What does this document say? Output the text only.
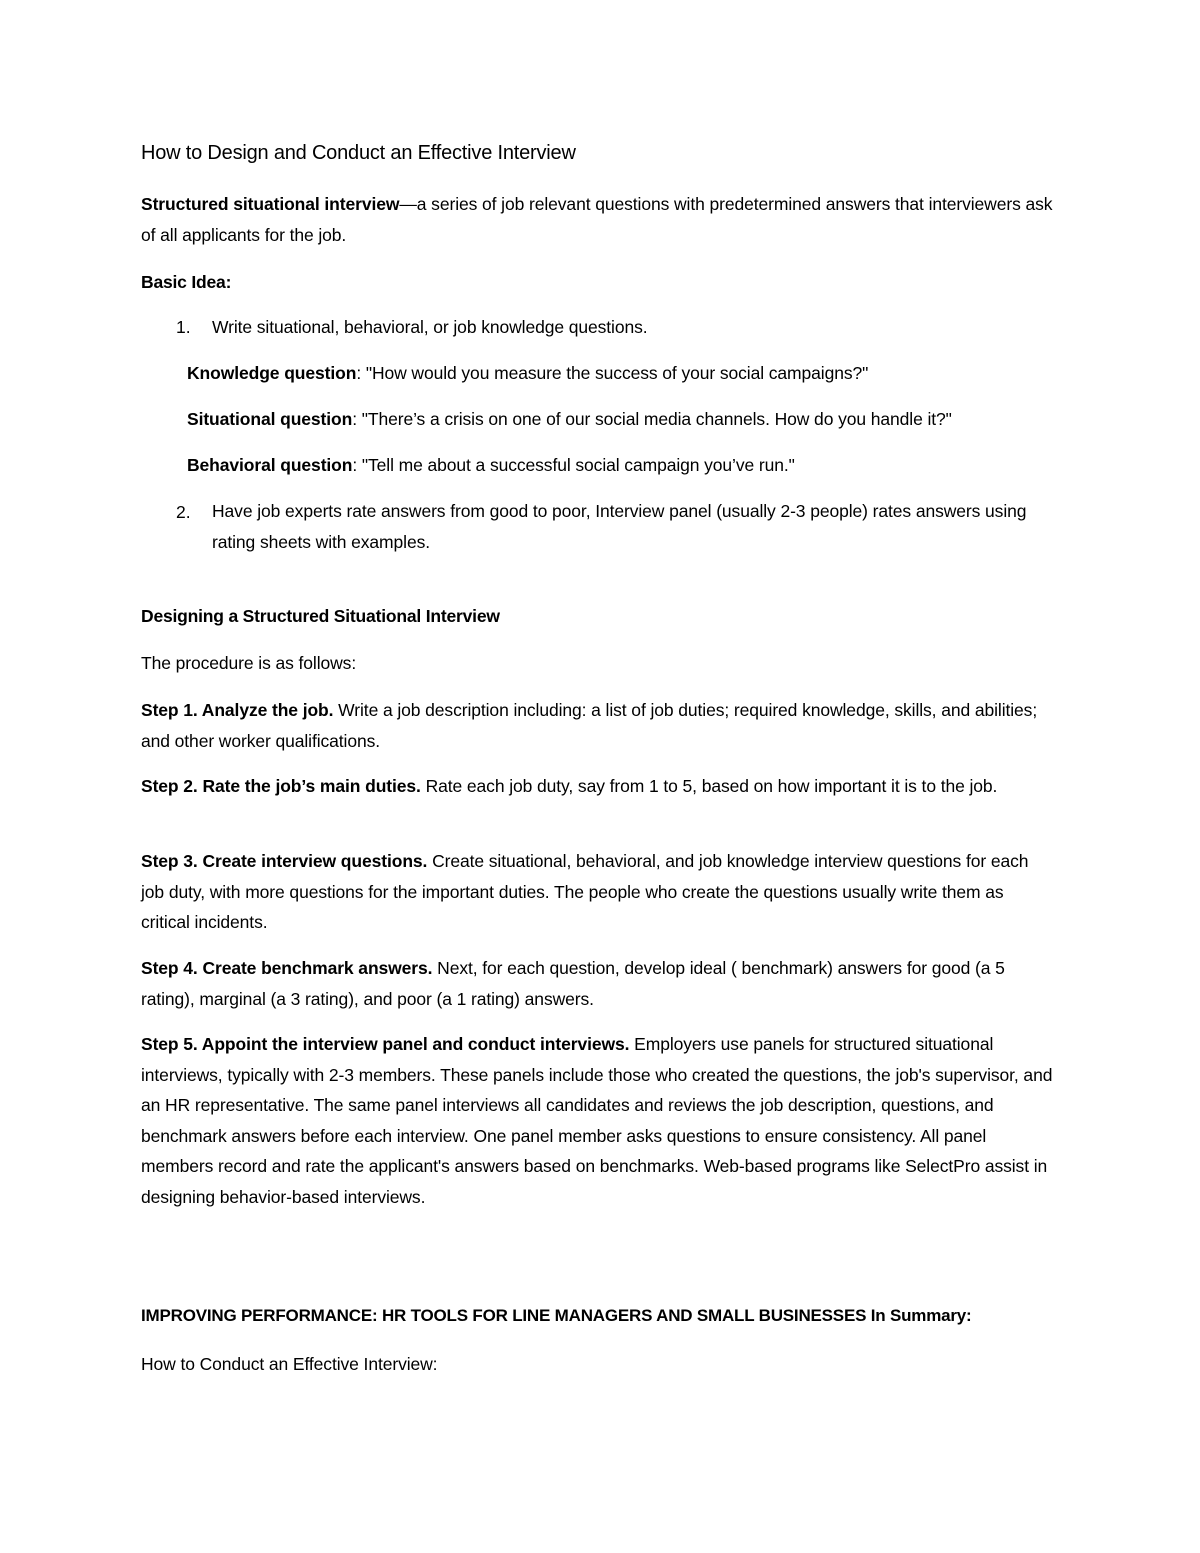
How to Design and Conduct an Effective Interview
Structured situational interview—a series of job relevant questions with predetermined answers that interviewers ask of all applicants for the job.
Basic Idea:
1. Write situational, behavioral, or job knowledge questions.
Knowledge question: "How would you measure the success of your social campaigns?"
Situational question: "There’s a crisis on one of our social media channels. How do you handle it?"
Behavioral question: "Tell me about a successful social campaign you’ve run."
2. Have job experts rate answers from good to poor, Interview panel (usually 2-3 people) rates answers using rating sheets with examples.
Designing a Structured Situational Interview
The procedure is as follows:
Step 1. Analyze the job. Write a job description including: a list of job duties; required knowledge, skills, and abilities; and other worker qualifications.
Step 2. Rate the job’s main duties. Rate each job duty, say from 1 to 5, based on how important it is to the job.
Step 3. Create interview questions. Create situational, behavioral, and job knowledge interview questions for each job duty, with more questions for the important duties. The people who create the questions usually write them as critical incidents.
Step 4. Create benchmark answers. Next, for each question, develop ideal ( benchmark) answers for good (a 5 rating), marginal (a 3 rating), and poor (a 1 rating) answers.
Step 5. Appoint the interview panel and conduct interviews. Employers use panels for structured situational interviews, typically with 2-3 members. These panels include those who created the questions, the job's supervisor, and an HR representative. The same panel interviews all candidates and reviews the job description, questions, and benchmark answers before each interview. One panel member asks questions to ensure consistency. All panel members record and rate the applicant's answers based on benchmarks. Web-based programs like SelectPro assist in designing behavior-based interviews.
IMPROVING PERFORMANCE: HR TOOLS FOR LINE MANAGERS AND SMALL BUSINESSES In Summary:
How to Conduct an Effective Interview:
